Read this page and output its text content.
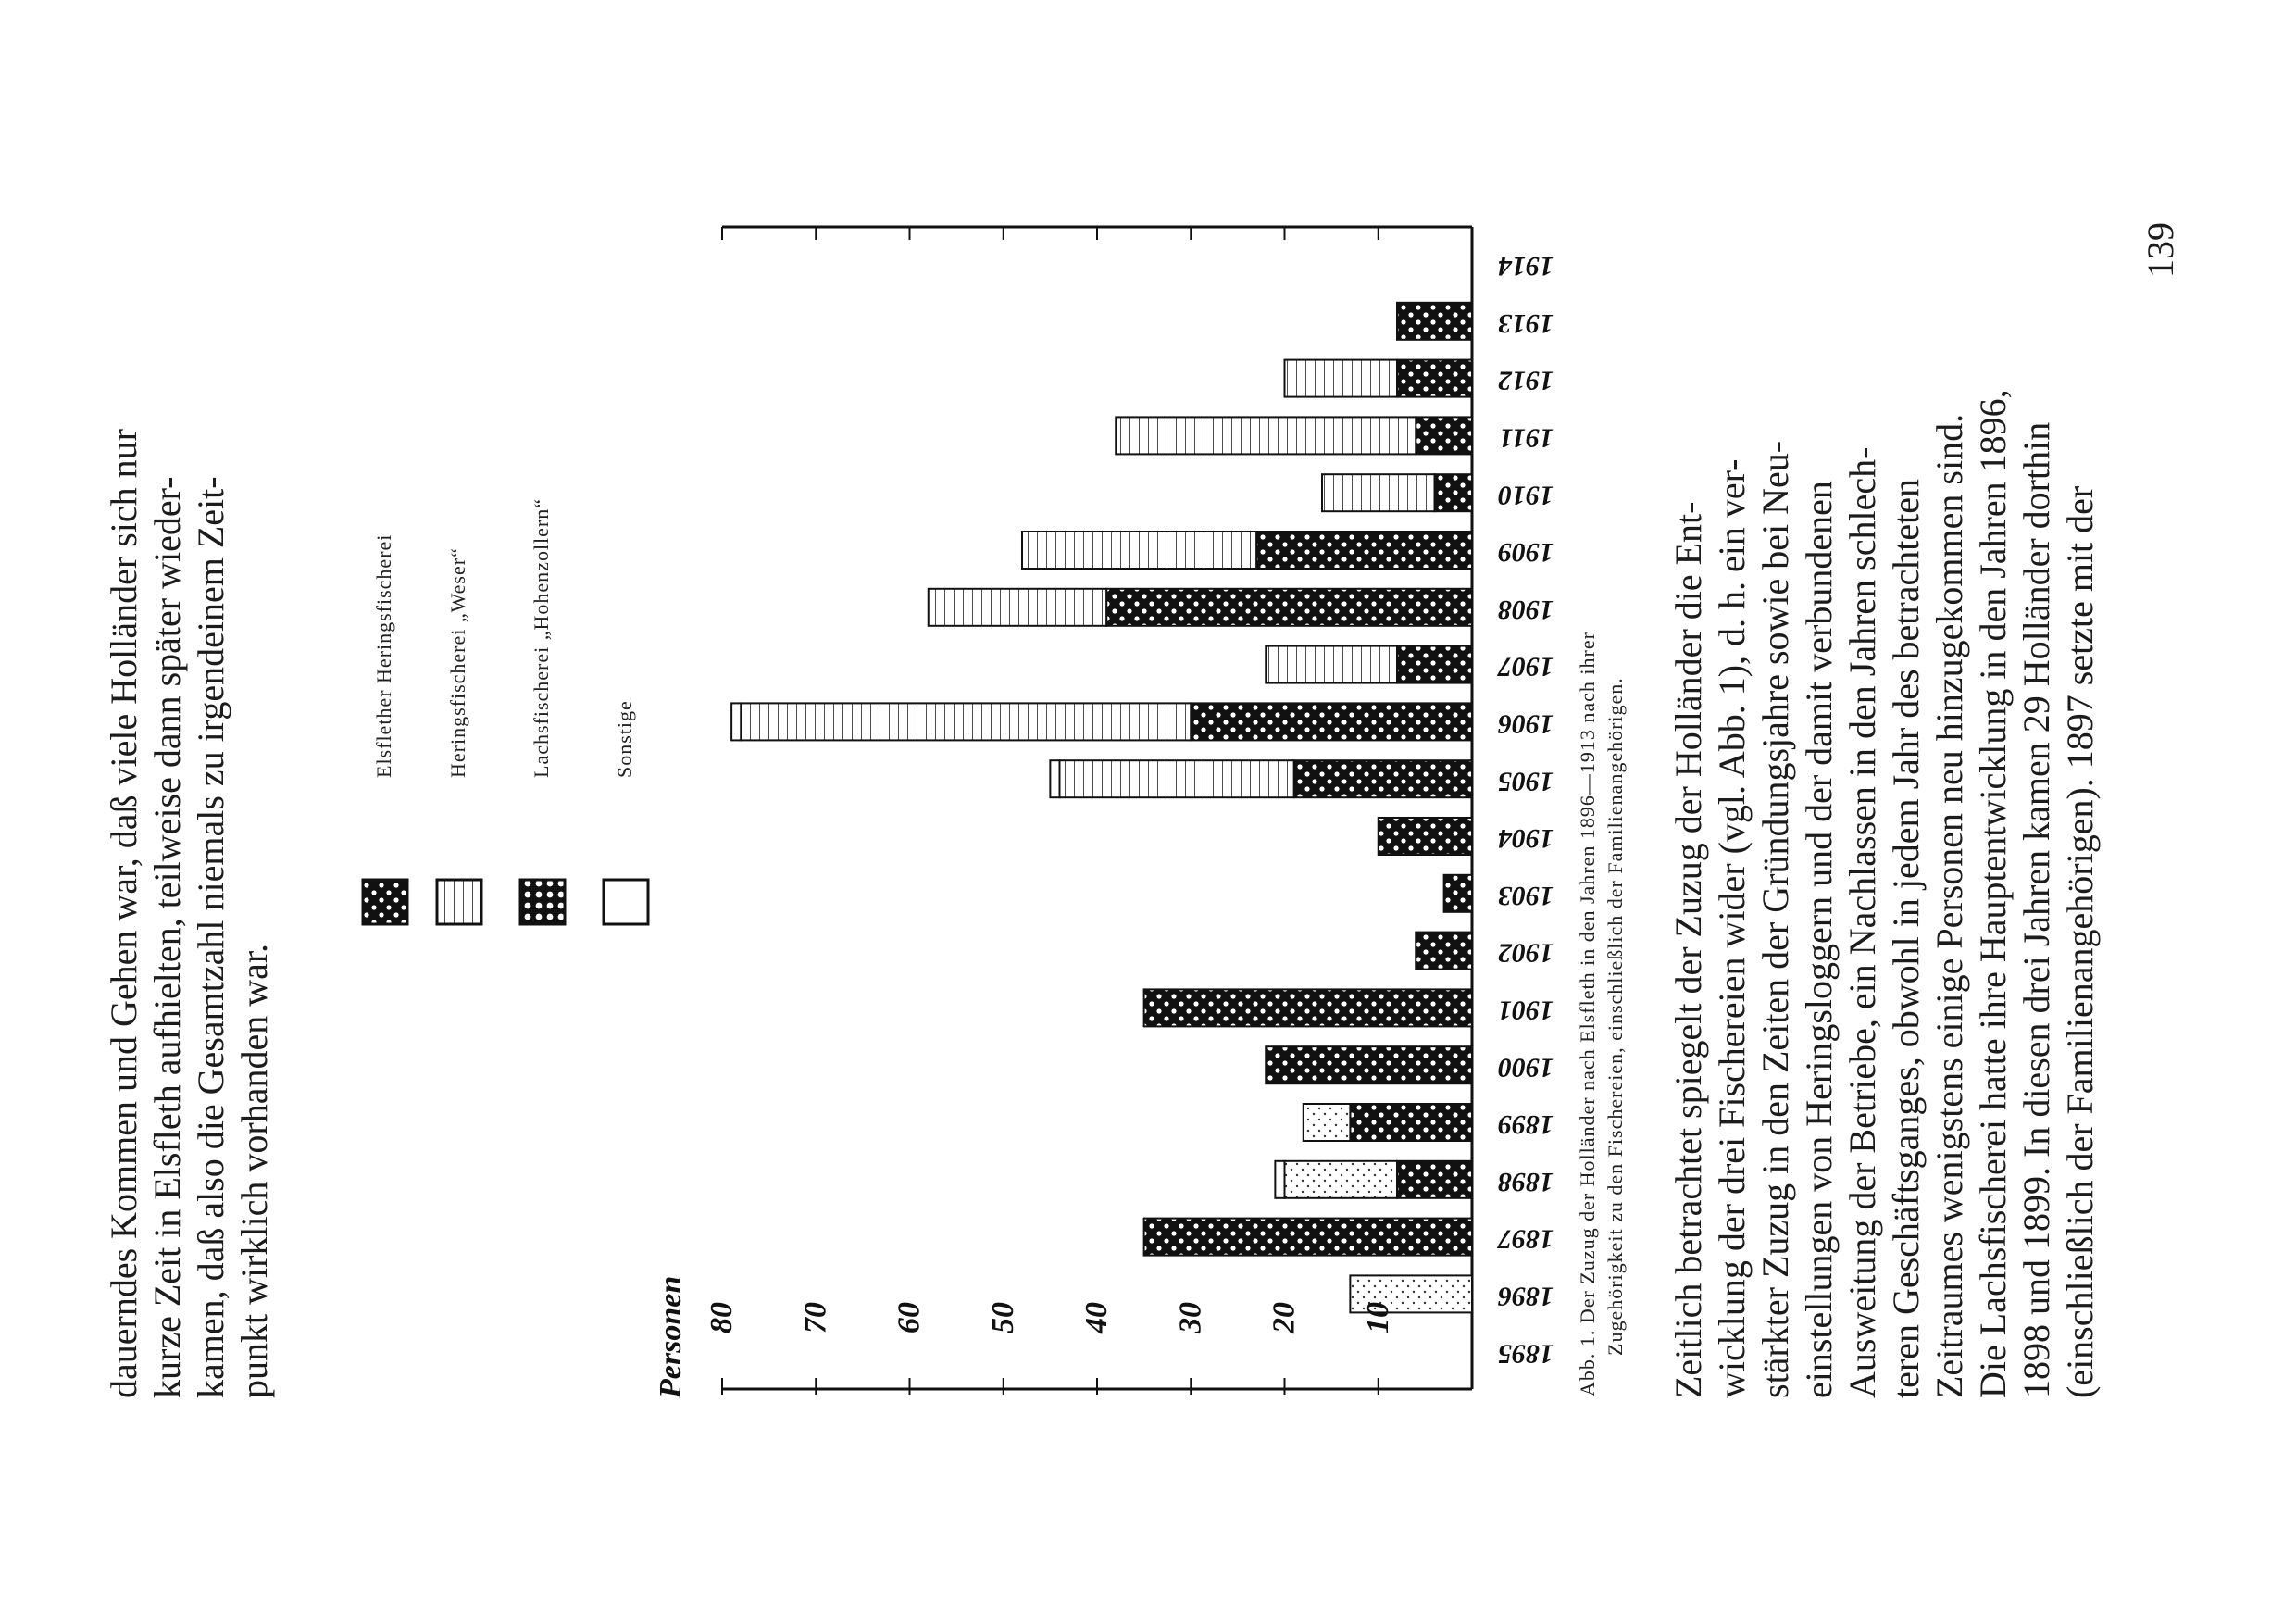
dauerndes Kommen und Gehen war, daß viele Holländer sich nur kurze Zeit in Elsfleth aufhielten, teilweise dann später wieder- kamen, daß also die Gesamtzahl niemals zu irgendeinem Zeit- punkt wirklich vorhanden war.	10
20
30
40
50
60
70
80
Personen	1895
1896
1897
1898
1899
1900
1901
1902
1903
1904
1905
1906
1907
1908
1909
1910
1911
1912
1913
1914
Elsflether Heringsfischerei	Heringsfischerei „Weser“	Lachsfischerei „Hohenzollern“	Sonstige	Abb. 1. Der Zuzug der Holländer nach Elsfleth in den Jahren 1896—1913 nach ihrer Zugehörigkeit zu den Fischereien, einschließlich der Familienangehörigen. Zeitlich betrachtet spiegelt der Zuzug der Holländer die Ent- wicklung der drei Fischereien wider (vgl. Abb. 1), d. h. ein ver- stärkter Zuzug in den Zeiten der Gründungsjahre sowie bei Neu- einstellungen von Heringsloggern und der damit verbundenen Ausweitung der Betriebe, ein Nachlassen in den Jahren schlech- teren Geschäftsganges, obwohl in jedem Jahr des betrachteten Zeitraumes wenigstens einige Personen neu hinzugekommen sind. Die Lachsfischerei hatte ihre Hauptentwicklung in den Jahren 1896, 1898 und 1899. In diesen drei Jahren kamen 29 Holländer dorthin (einschließlich der Familienangehörigen). 1897 setzte mit der
139
